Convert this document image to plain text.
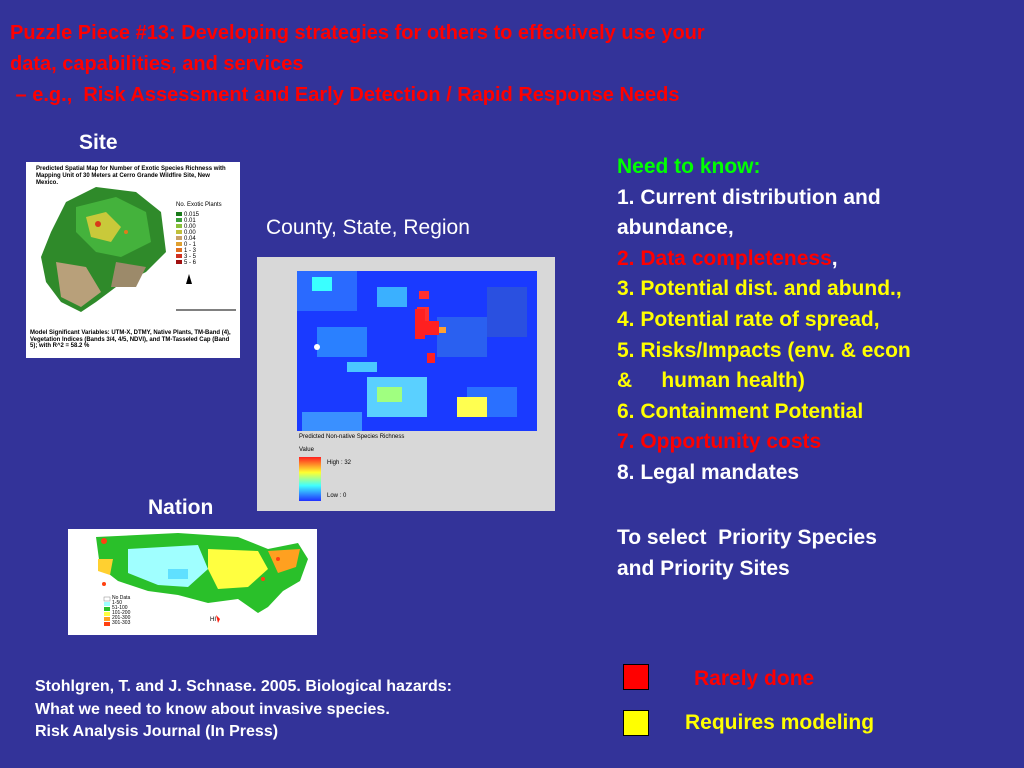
Puzzle Piece #13: Developing strategies for others to effectively use your
data, capabilities, and services
– e.g.,  Risk Assessment and Early Detection / Rapid Response Needs
Site
County, State, Region
Nation
Predicted Spatial Map for Number of Exotic Species Richness with Mapping Unit of 30 Meters at Cerro Grande Wildfire Site, New Mexico.
No. Exotic Plants
0.015
0.01
0.00
0.00
0.04
0 - 1
1 - 3
3 - 5
5 - 6
Model Significant Variables: UTM-X, DTMY, Native Plants, TM-Band (4), Vegetation Indices (Bands 3/4, 4/5, NDVI), and TM-Tasseled Cap (Band 5); with R^2 = 58.2 %
Predicted Non-native Species Richness
Value
High : 32
Low : 0
No Data
1-50
51-100
101-200
201-300
301-303	HI
Need to know:
1. Current distribution and
abundance,
2. Data completeness,
3. Potential dist. and abund.,
4. Potential rate of spread,
5. Risks/Impacts (env. & econ
&     human health)
6. Containment Potential
7. Opportunity costs
8. Legal mandates
To select  Priority Species
and Priority Sites
Stohlgren, T. and J. Schnase. 2005. Biological hazards:
What we need to know about invasive species.
Risk Analysis Journal (In Press)
Rarely done
Requires modeling
